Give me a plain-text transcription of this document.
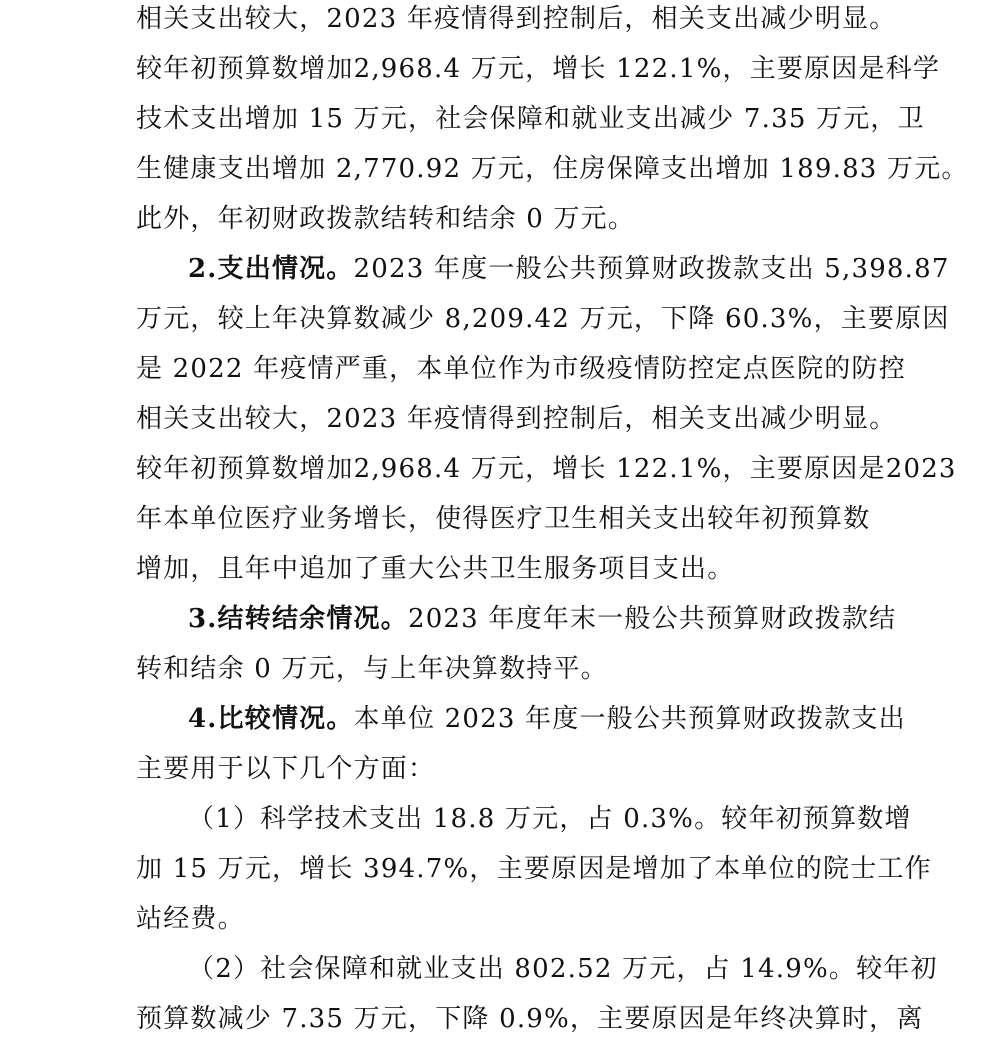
相关支出较大，2023 年疫情得到控制后，相关支出减少明显。

较年初预算数增加2,968.4 万元，增长 122.1%，主要原因是科学

技术支出增加 15 万元，社会保障和就业支出减少 7.35 万元，卫

生健康支出增加 2,770.92 万元，住房保障支出增加 189.83 万元。

此外，年初财政拨款结转和结余 0 万元。

2.支出情况。2023 年度一般公共预算财政拨款支出 5,398.87

万元，较上年决算数减少 8,209.42 万元，下降 60.3%，主要原因

是 2022 年疫情严重，本单位作为市级疫情防控定点医院的防控

相关支出较大，2023 年疫情得到控制后，相关支出减少明显。

较年初预算数增加2,968.4 万元，增长 122.1%，主要原因是2023

年本单位医疗业务增长，使得医疗卫生相关支出较年初预算数

增加，且年中追加了重大公共卫生服务项目支出。

3.结转结余情况。2023 年度年末一般公共预算财政拨款结

转和结余 0 万元，与上年决算数持平。

4.比较情况。本单位 2023 年度一般公共预算财政拨款支出

主要用于以下几个方面：

（1）科学技术支出 18.8 万元，占 0.3%。较年初预算数增

加 15 万元，增长 394.7%，主要原因是增加了本单位的院士工作

站经费。

（2）社会保障和就业支出 802.52 万元，占 14.9%。较年初

预算数减少 7.35 万元，下降 0.9%，主要原因是年终决算时，离
